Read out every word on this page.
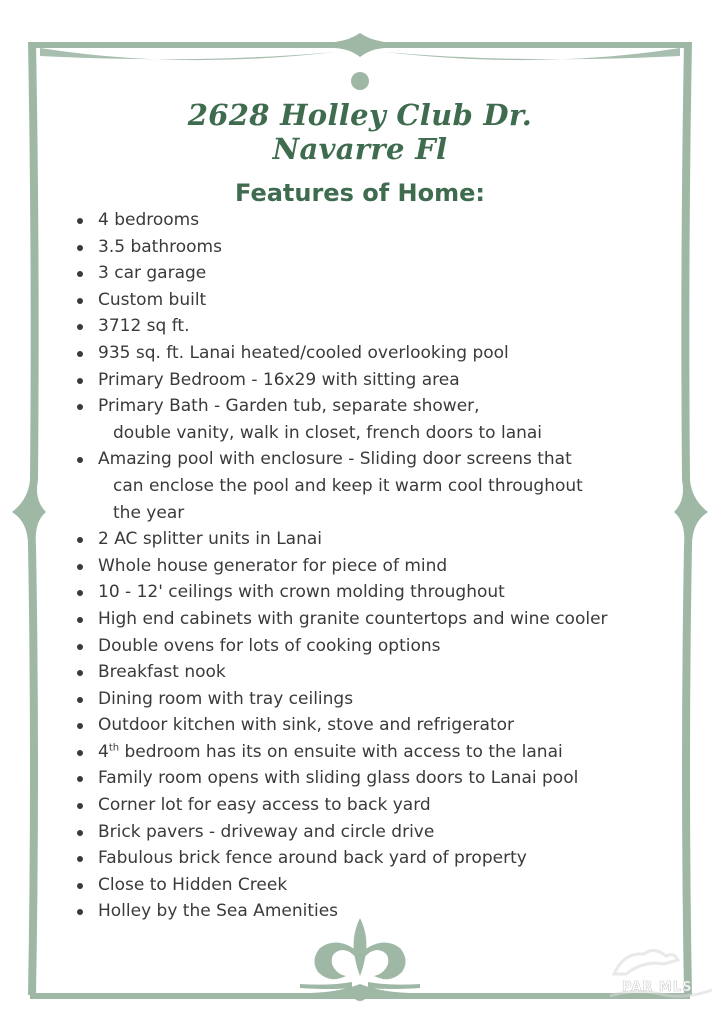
2628 Holley Club Dr.
Navarre Fl
Features of Home:
4 bedrooms
3.5 bathrooms
3 car garage
Custom built
3712 sq ft.
935 sq. ft. Lanai heated/cooled overlooking pool
Primary Bedroom - 16x29 with sitting area
Primary Bath - Garden tub, separate shower,
double vanity, walk in closet, french doors to lanai
Amazing pool with enclosure - Sliding door screens that
can enclose the pool and keep it warm cool throughout
the year
2 AC splitter units in Lanai
Whole house generator for piece of mind
10 - 12' ceilings with crown molding throughout
High end cabinets with granite countertops and wine cooler
Double ovens for lots of cooking options
Breakfast nook
Dining room with tray ceilings
Outdoor kitchen with sink, stove and refrigerator
4th bedroom has its on ensuite with access to the lanai
Family room opens with sliding glass doors to Lanai pool
Corner lot for easy access to back yard
Brick pavers - driveway and circle drive
Fabulous brick fence around back yard of property
Close to Hidden Creek
Holley by the Sea Amenities
PAR MLS
